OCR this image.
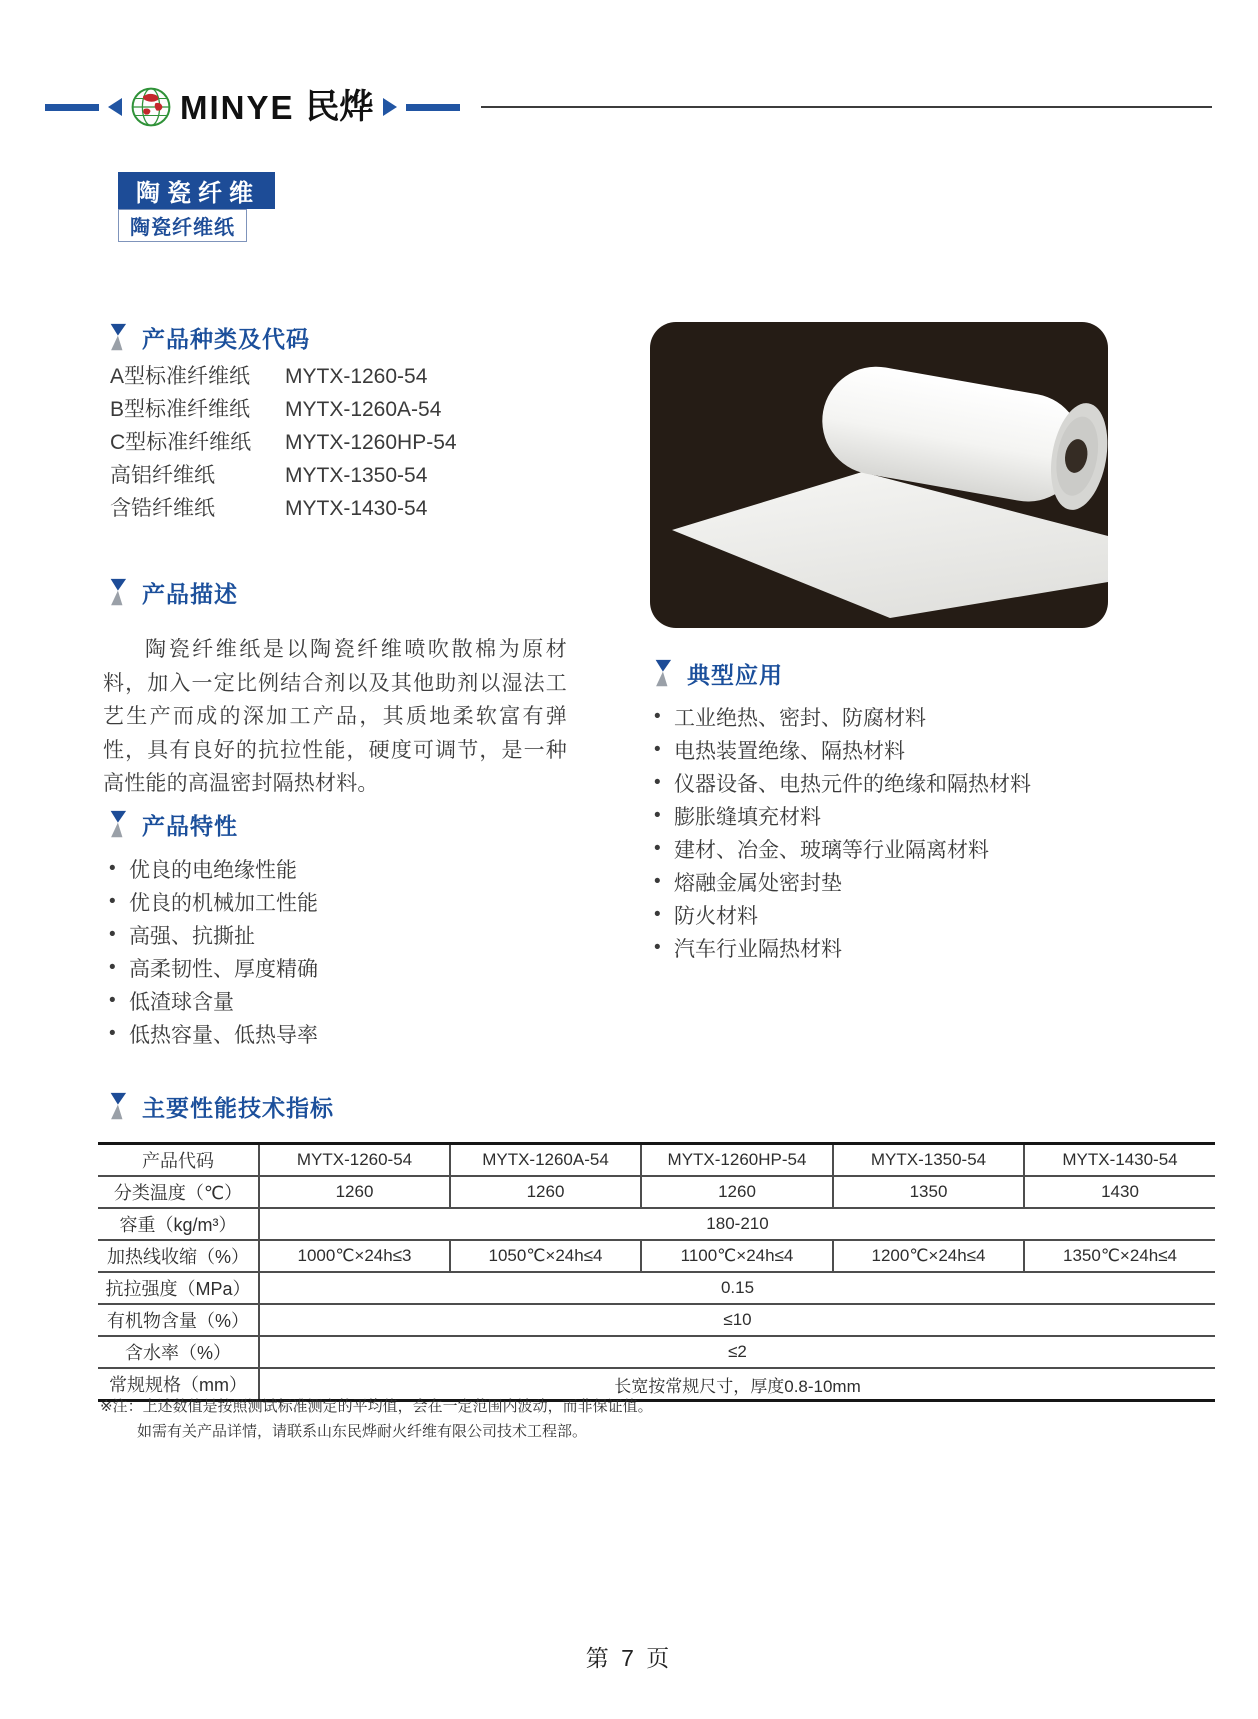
MINYE 民烨
陶瓷纤维
陶瓷纤维纸
产品种类及代码
A型标准纤维纸	MYTX-1260-54
B型标准纤维纸	MYTX-1260A-54
C型标准纤维纸	MYTX-1260HP-54
高铝纤维纸	MYTX-1350-54
含锆纤维纸	MYTX-1430-54
产品描述

陶瓷纤维纸是以陶瓷纤维喷吹散棉为原材料，加入一定比例结合剂以及其他助剂以湿法工艺生产而成的深加工产品，其质地柔软富有弹性，具有良好的抗拉性能，硬度可调节，是一种高性能的高温密封隔热材料。

产品特性
• 优良的电绝缘性能
• 优良的机械加工性能
• 高强、抗撕扯
• 高柔韧性、厚度精确
• 低渣球含量
• 低热容量、低热导率
典型应用
• 工业绝热、密封、防腐材料
• 电热装置绝缘、隔热材料
• 仪器设备、电热元件的绝缘和隔热材料
• 膨胀缝填充材料
• 建材、冶金、玻璃等行业隔离材料
• 熔融金属处密封垫
• 防火材料
• 汽车行业隔热材料
主要性能技术指标
产品代码	MYTX-1260-54	MYTX-1260A-54	MYTX-1260HP-54	MYTX-1350-54	MYTX-1430-54
分类温度（℃）	1260	1260	1260	1350	1430
容重（kg/m³）	180-210				
加热线收缩（%）	1000℃×24h≤3	1050℃×24h≤4	1100℃×24h≤4	1200℃×24h≤4	1350℃×24h≤4
抗拉强度（MPa）	0.15				
有机物含量（%）	≤10				
含水率（%）	≤2				
常规规格（mm）	长宽按常规尺寸，厚度0.8-10mm				
※注：上述数值是按照测试标准测定的平均值，会在一定范围内波动，而非保证值。
如需有关产品详情，请联系山东民烨耐火纤维有限公司技术工程部。
第 7 页
